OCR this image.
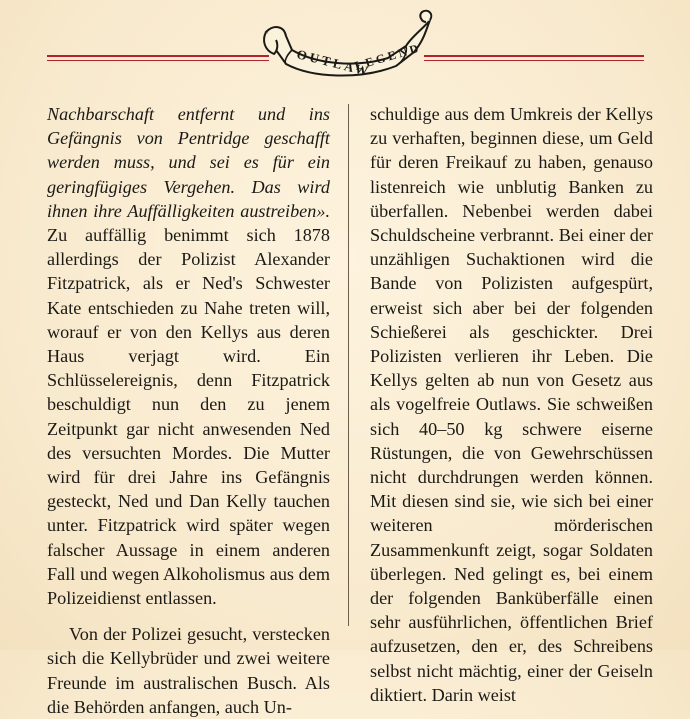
OUTLAW
LEGEND

Nachbarschaft entfernt und ins Gefängnis von Pentridge geschafft werden muss, und sei es für ein geringfügiges Vergehen. Das wird ihnen ihre Auffälligkeiten austreiben». Zu auffällig benimmt sich 1878 allerdings der Polizist Alexander Fitzpatrick, als er Ned's Schwester Kate entschieden zu Nahe treten will, worauf er von den Kellys aus deren Haus verjagt wird. Ein Schlüsselereignis, denn Fitzpatrick beschuldigt nun den zu jenem Zeitpunkt gar nicht anwesenden Ned des versuchten Mordes. Die Mutter wird für drei Jahre ins Gefängnis gesteckt, Ned und Dan Kelly tauchen unter. Fitzpatrick wird später wegen falscher Aussage in einem anderen Fall und wegen Alkoholismus aus dem Polizeidienst entlassen.

Von der Polizei gesucht, verstecken sich die Kellybrüder und zwei weitere Freunde im australischen Busch. Als die Behörden anfangen, auch Un-

schuldige aus dem Umkreis der Kellys zu verhaften, beginnen diese, um Geld für deren Freikauf zu haben, genauso listenreich wie unblutig Banken zu überfallen. Nebenbei werden dabei Schuldscheine verbrannt. Bei einer der unzähligen Suchaktionen wird die Bande von Polizisten aufgespürt, erweist sich aber bei der folgenden Schießerei als geschickter. Drei Polizisten verlieren ihr Leben. Die Kellys gelten ab nun von Gesetz aus als vogelfreie Outlaws. Sie schweißen sich 40–50 kg schwere eiserne Rüstungen, die von Gewehrschüssen nicht durchdrungen werden können. Mit diesen sind sie, wie sich bei einer weiteren mörderischen Zusammenkunft zeigt, sogar Soldaten überlegen. Ned gelingt es, bei einem der folgenden Banküberfälle einen sehr ausführlichen, öffentlichen Brief aufzusetzen, den er, des Schreibens selbst nicht mächtig, einer der Geiseln diktiert. Darin weist
